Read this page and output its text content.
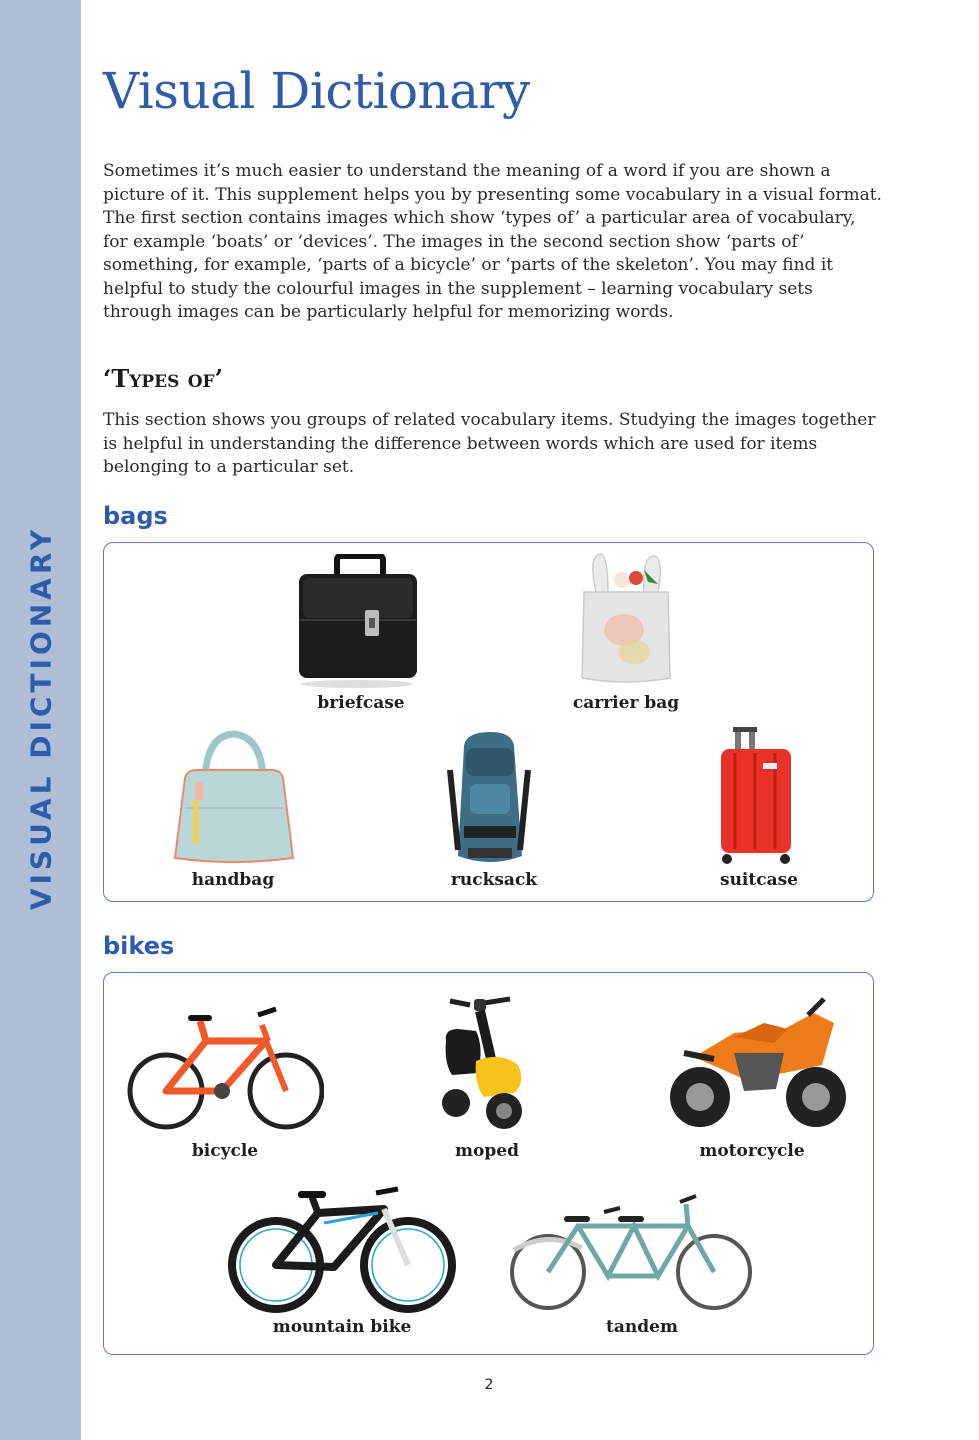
VISUAL DICTIONARY
Visual Dictionary

Sometimes it’s much easier to understand the meaning of a word if you are shown a picture of it. This supplement helps you by presenting some vocabulary in a visual format. The first section contains images which show ‘types of’ a particular area of vocabulary, for example ‘boats’ or ‘devices’. The images in the second section show ‘parts of’ something, for example, ‘parts of a bicycle’ or ‘parts of the skeleton’. You may find it helpful to study the colourful images in the supplement – learning vocabulary sets through images can be particularly helpful for memorizing words.

‘Types of’

This section shows you groups of related vocabulary items. Studying the images together is helpful in understanding the difference between words which are used for items belonging to a particular set.

bags
briefcase	carrier bag
handbag	rucksack	suitcase
bikes
bicycle	moped	motorcycle
mountain bike	tandem
2
